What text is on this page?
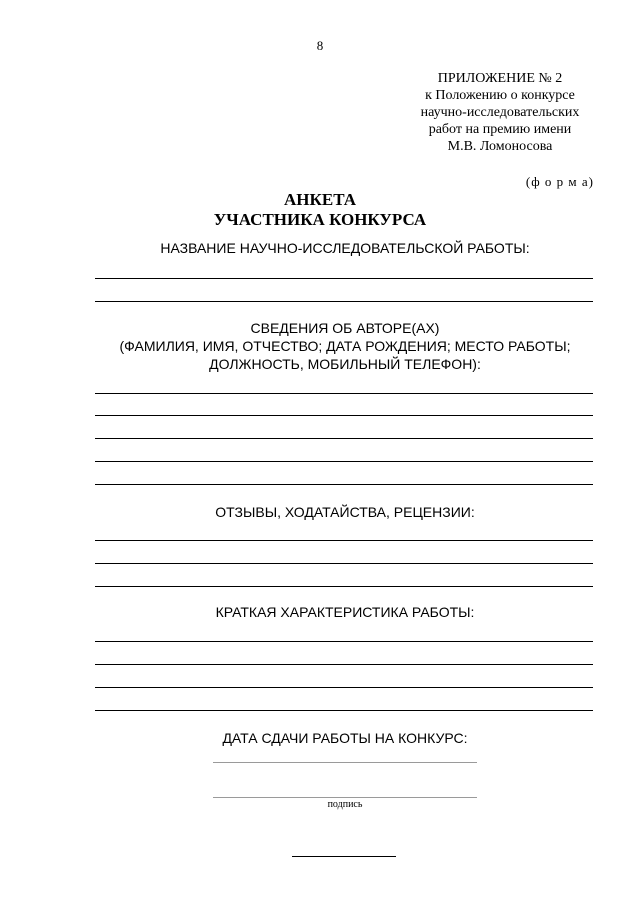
8
ПРИЛОЖЕНИЕ № 2
к Положению о конкурсе
научно-исследовательских
работ на премию имени
М.В. Ломоносова
(ф о р м а)
АНКЕТА
УЧАСТНИКА КОНКУРСА
НАЗВАНИЕ НАУЧНО-ИССЛЕДОВАТЕЛЬСКОЙ РАБОТЫ:
СВЕДЕНИЯ ОБ АВТОРЕ(АХ)
(ФАМИЛИЯ, ИМЯ, ОТЧЕСТВО; ДАТА РОЖДЕНИЯ; МЕСТО РАБОТЫ;
ДОЛЖНОСТЬ, МОБИЛЬНЫЙ ТЕЛЕФОН):
ОТЗЫВЫ, ХОДАТАЙСТВА, РЕЦЕНЗИИ:
КРАТКАЯ ХАРАКТЕРИСТИКА РАБОТЫ:
ДАТА СДАЧИ РАБОТЫ НА КОНКУРС:
подпись
